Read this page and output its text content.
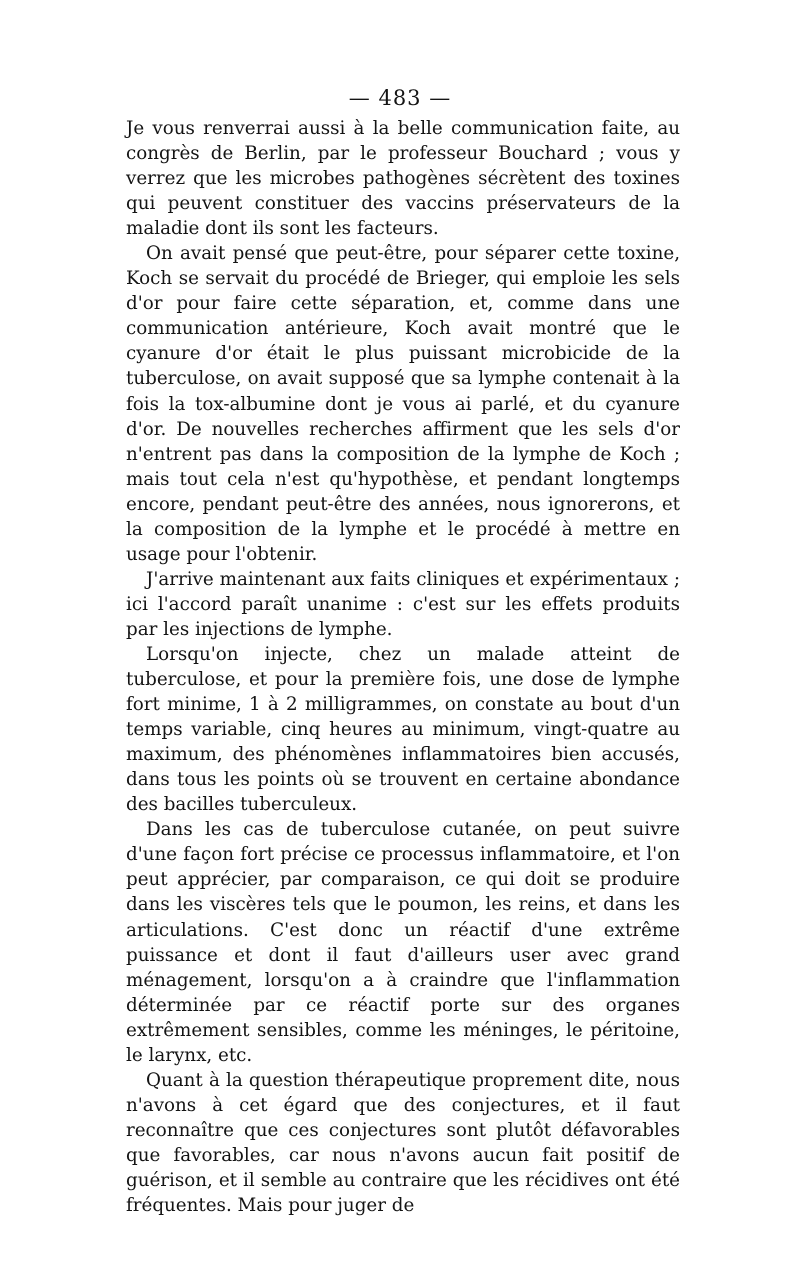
— 483 —

Je vous renverrai aussi à la belle communication faite, au congrès de Berlin, par le professeur Bouchard ; vous y verrez que les microbes pathogènes sécrètent des toxines qui peuvent constituer des vaccins préservateurs de la maladie dont ils sont les facteurs.

On avait pensé que peut-être, pour séparer cette toxine, Koch se servait du procédé de Brieger, qui emploie les sels d'or pour faire cette séparation, et, comme dans une communication antérieure, Koch avait montré que le cyanure d'or était le plus puissant microbicide de la tuberculose, on avait supposé que sa lymphe contenait à la fois la tox-albumine dont je vous ai parlé, et du cyanure d'or. De nouvelles recherches affirment que les sels d'or n'entrent pas dans la composition de la lymphe de Koch ; mais tout cela n'est qu'hypothèse, et pendant longtemps encore, pendant peut-être des années, nous ignorerons, et la composition de la lymphe et le procédé à mettre en usage pour l'obtenir.

J'arrive maintenant aux faits cliniques et expérimentaux ; ici l'accord paraît unanime : c'est sur les effets produits par les injections de lymphe.

Lorsqu'on injecte, chez un malade atteint de tuberculose, et pour la première fois, une dose de lymphe fort minime, 1 à 2 milligrammes, on constate au bout d'un temps variable, cinq heures au minimum, vingt-quatre au maximum, des phénomènes inflammatoires bien accusés, dans tous les points où se trouvent en certaine abondance des bacilles tuberculeux.

Dans les cas de tuberculose cutanée, on peut suivre d'une façon fort précise ce processus inflammatoire, et l'on peut apprécier, par comparaison, ce qui doit se produire dans les viscères tels que le poumon, les reins, et dans les articulations. C'est donc un réactif d'une extrême puissance et dont il faut d'ailleurs user avec grand ménagement, lorsqu'on a à craindre que l'inflammation déterminée par ce réactif porte sur des organes extrêmement sensibles, comme les méninges, le péritoine, le larynx, etc.

Quant à la question thérapeutique proprement dite, nous n'avons à cet égard que des conjectures, et il faut reconnaître que ces conjectures sont plutôt défavorables que favorables, car nous n'avons aucun fait positif de guérison, et il semble au contraire que les récidives ont été fréquentes. Mais pour juger de
